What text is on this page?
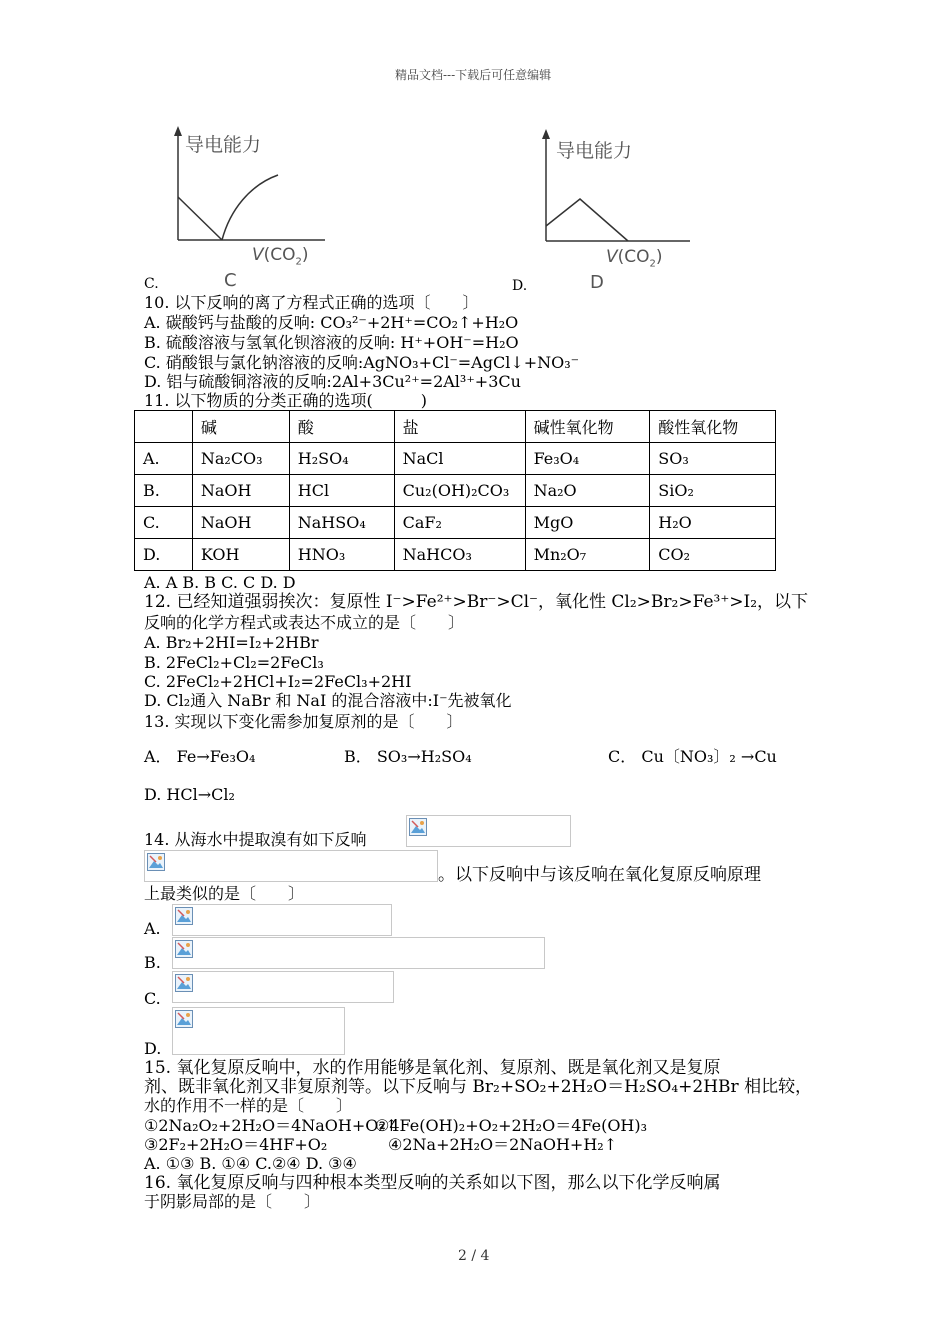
精品文档---下载后可任意编辑
导电能力
$V(CO_2)$
C.	C
导电能力
$V(CO_2)$
D.	D
10. 以下反响的离了方程式正确的选项〔　　〕
A. 碳酸钙与盐酸的反响: CO₃²⁻+2H⁺=CO₂↑+H₂O
B. 硫酸溶液与氢氧化钡溶液的反响: H⁺+OH⁻=H₂O
C. 硝酸银与氯化钠溶液的反响:AgNO₃+Cl⁻=AgCl↓+NO₃⁻
D. 铝与硫酸铜溶液的反响:2Al+3Cu²⁺=2Al³⁺+3Cu
11. 以下物质的分类正确的选项(　　　)
	碱	酸	盐	碱性氧化物	酸性氧化物
A.	Na₂CO₃	H₂SO₄	NaCl	Fe₃O₄	SO₃
B.	NaOH	HCl	Cu₂(OH)₂CO₃	Na₂O	SiO₂
C.	NaOH	NaHSO₄	CaF₂	MgO	H₂O
D.	KOH	HNO₃	NaHCO₃	Mn₂O₇	CO₂
A. A B. B C. C D. D
12. 已经知道强弱挨次：复原性 I⁻>Fe²⁺>Br⁻>Cl⁻，氧化性 Cl₂>Br₂>Fe³⁺>I₂，以下
反响的化学方程式或表达不成立的是〔　　〕
A. Br₂+2HI=I₂+2HBr
B. 2FeCl₂+Cl₂=2FeCl₃
C. 2FeCl₂+2HCl+I₂=2FeCl₃+2HI
D. Cl₂通入 NaBr 和 NaI 的混合溶液中:I⁻先被氧化
13. 实现以下变化需参加复原剂的是〔　　〕
A． Fe→Fe₃O₄	B． SO₃→H₂SO₄	C． Cu〔NO₃〕₂ →Cu
D. HCl→Cl₂
14. 从海水中提取溴有如下反响
。以下反响中与该反响在氧化复原反响原理
上最类似的是〔　　〕
A.
B.
C.
D.
15. 氧化复原反响中，水的作用能够是氧化剂、复原剂、既是氧化剂又是复原
剂、既非氧化剂又非复原剂等。以下反响与 Br₂+SO₂+2H₂O＝H₂SO₄+2HBr 相比较，
水的作用不一样的是〔　　〕
①2Na₂O₂+2H₂O＝4NaOH+O₂↑
②4Fe(OH)₂+O₂+2H₂O＝4Fe(OH)₃
③2F₂+2H₂O＝4HF+O₂	④2Na+2H₂O＝2NaOH+H₂↑
A. ①③ B. ①④ C.②④ D. ③④
16. 氧化复原反响与四种根本类型反响的关系如以下图，那么以下化学反响属
于阴影局部的是〔　　〕
2 / 4
